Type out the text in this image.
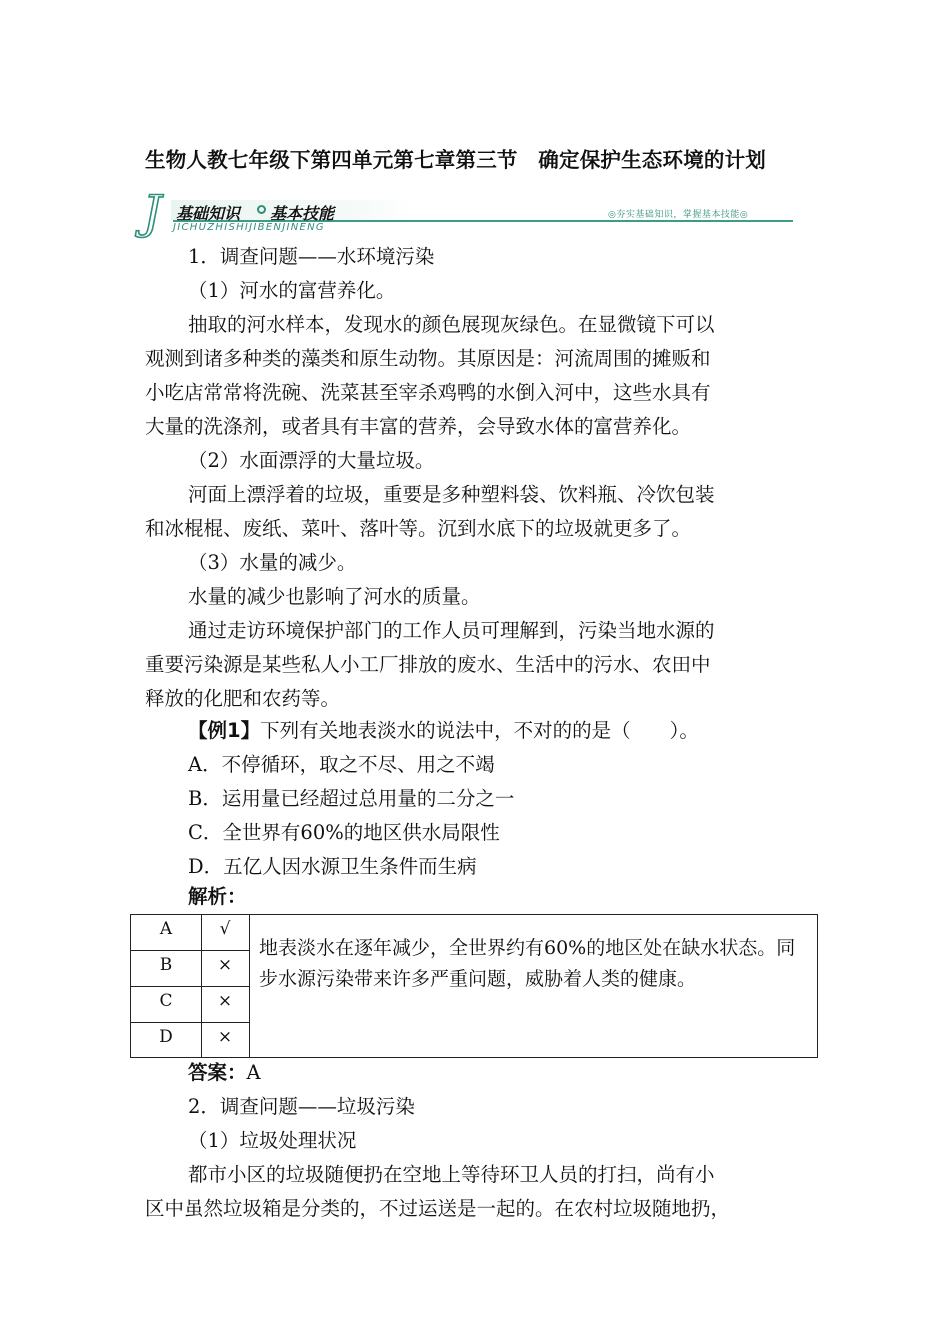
生物人教七年级下第四单元第七章第三节　确定保护生态环境的计划
J 基础知识 基本技能
JICHUZHISHIJIBENJINENG
◎夯实基础知识，掌握基本技能◎
1．调查问题——水环境污染
（1）河水的富营养化。
抽取的河水样本，发现水的颜色展现灰绿色。在显微镜下可以
观测到诸多种类的藻类和原生动物。其原因是：河流周围的摊贩和
小吃店常常将洗碗、洗菜甚至宰杀鸡鸭的水倒入河中，这些水具有
大量的洗涤剂，或者具有丰富的营养，会导致水体的富营养化。
（2）水面漂浮的大量垃圾。
河面上漂浮着的垃圾，重要是多种塑料袋、饮料瓶、冷饮包装
和冰棍棍、废纸、菜叶、落叶等。沉到水底下的垃圾就更多了。
（3）水量的减少。
水量的减少也影响了河水的质量。
通过走访环境保护部门的工作人员可理解到，污染当地水源的
重要污染源是某些私人小工厂排放的废水、生活中的污水、农田中
释放的化肥和农药等。
【例1】下列有关地表淡水的说法中，不对的的是（　　）。
A．不停循环，取之不尽、用之不竭
B．运用量已经超过总用量的二分之一
C．全世界有60%的地区供水局限性
D．五亿人因水源卫生条件而生病
解析：
A	√
B	×
C	×
D	×
地表淡水在逐年减少，全世界约有60%的地区处在缺水状态。同步水源污染带来许多严重问题，威胁着人类的健康。
答案：A
2．调查问题——垃圾污染
（1）垃圾处理状况
都市小区的垃圾随便扔在空地上等待环卫人员的打扫，尚有小
区中虽然垃圾箱是分类的，不过运送是一起的。在农村垃圾随地扔，
